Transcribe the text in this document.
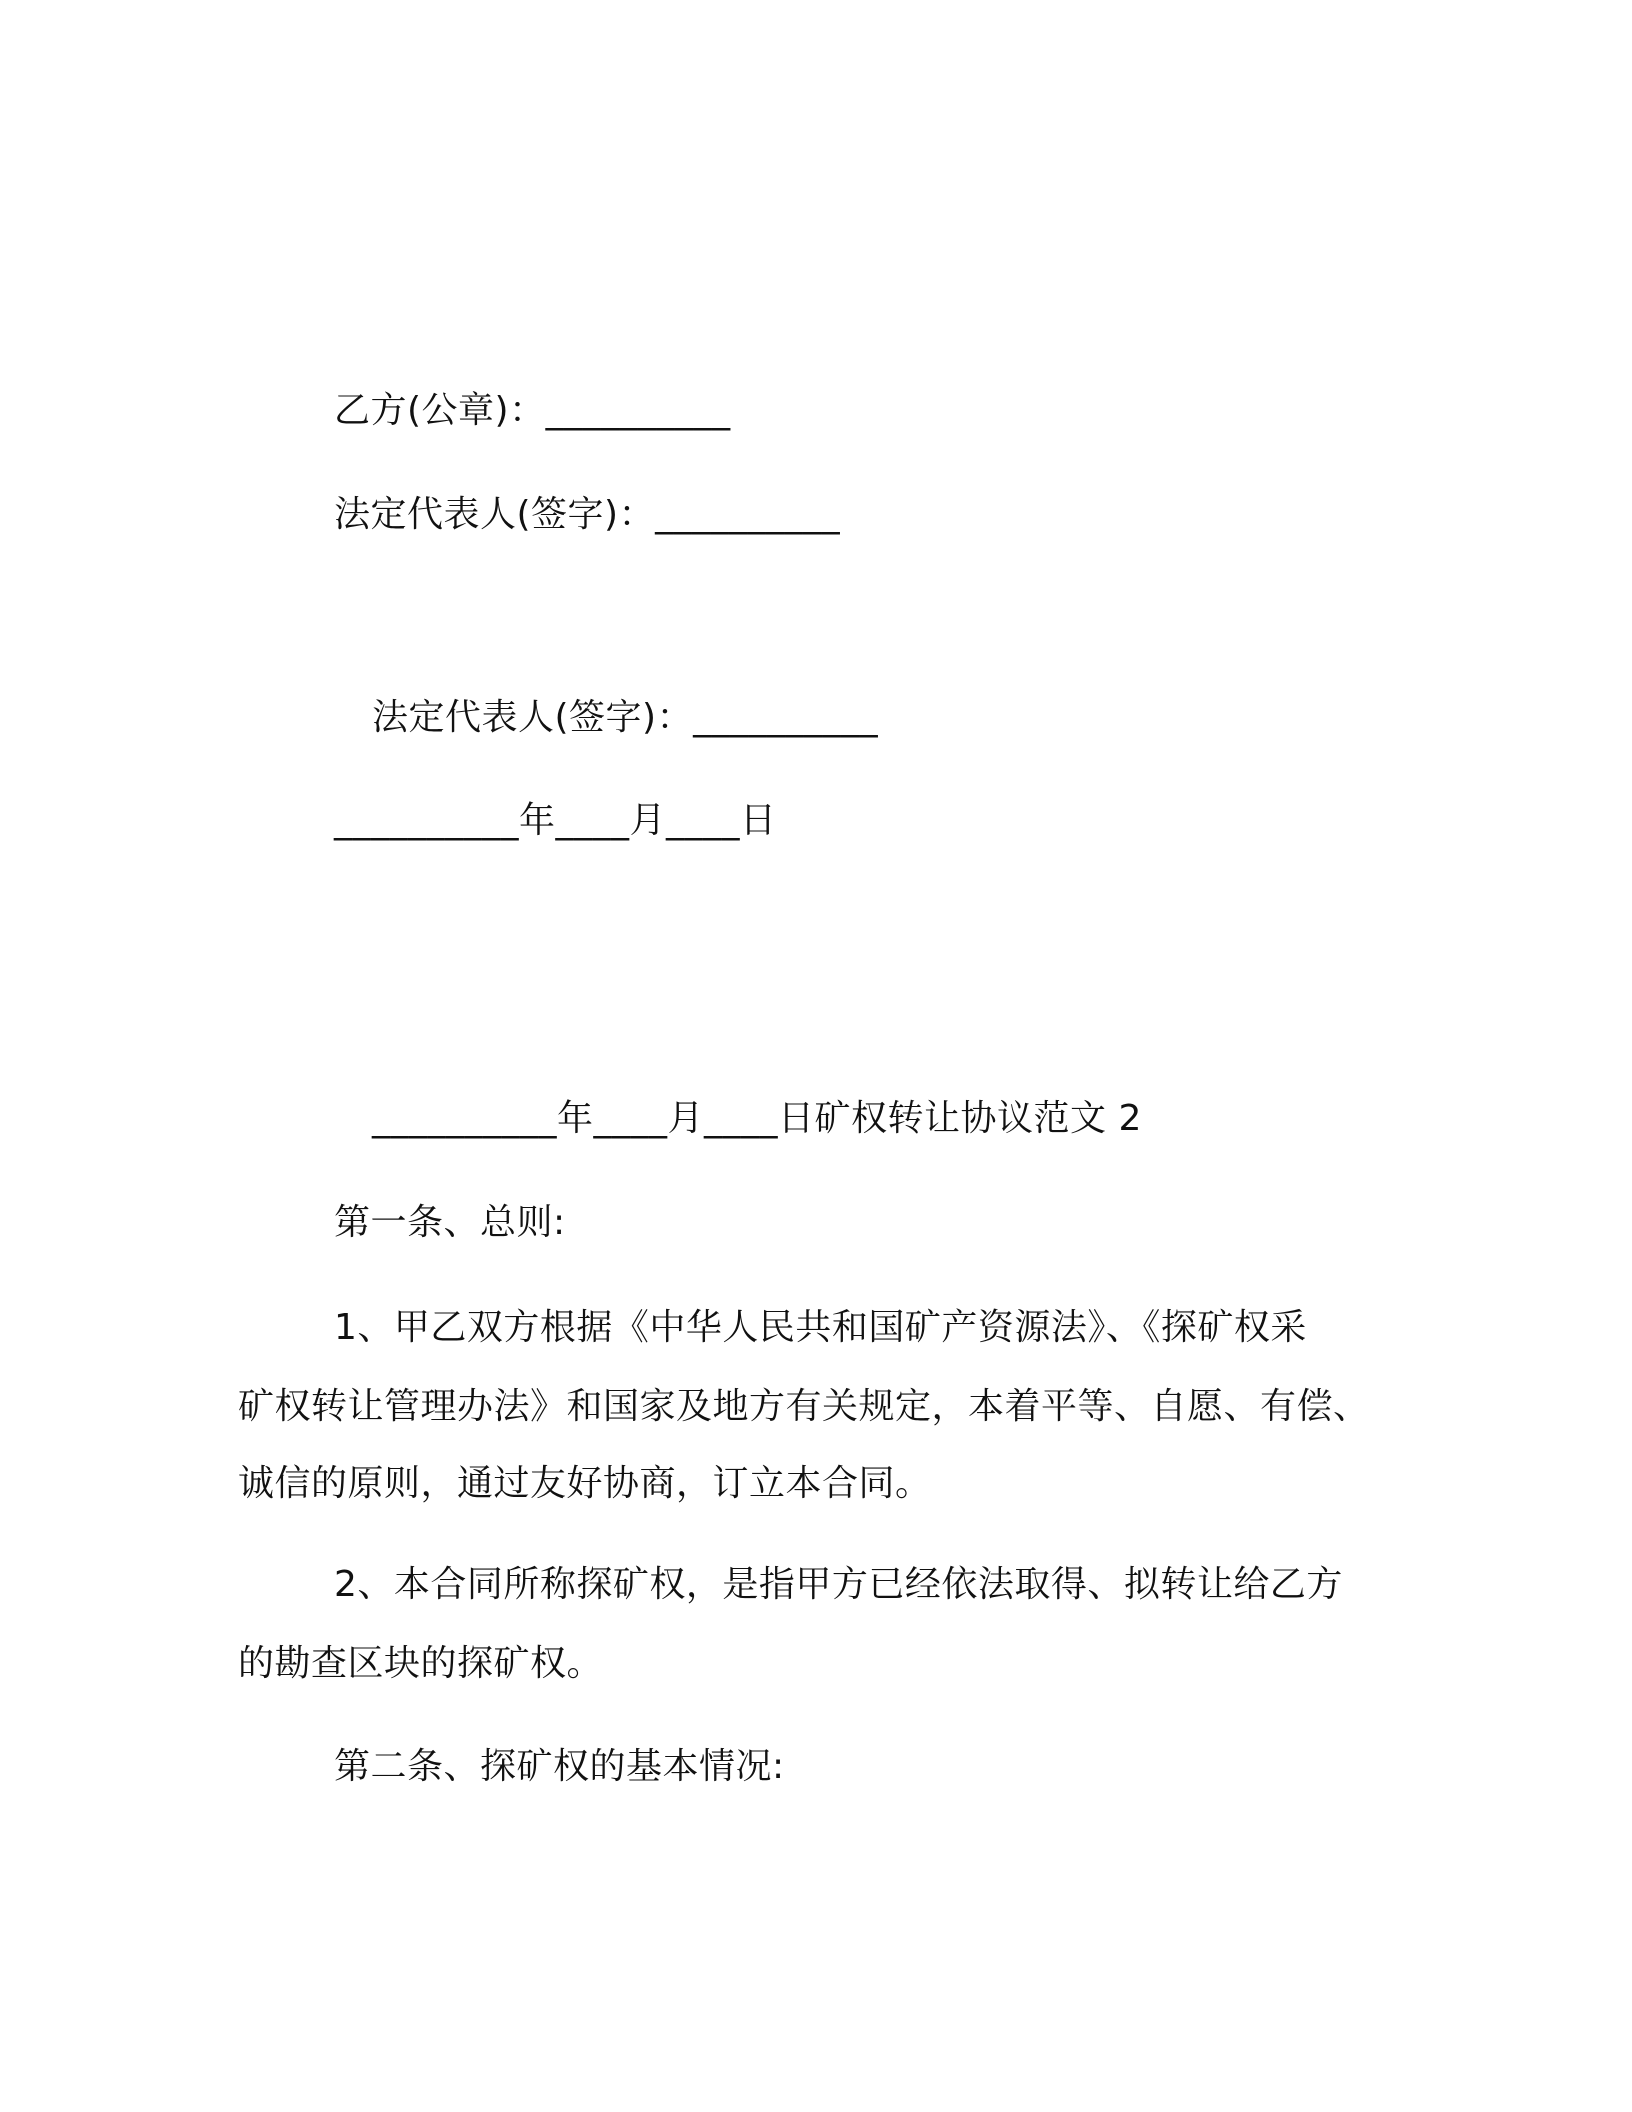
乙方(公章)：__________
法定代表人(签字)：__________
法定代表人(签字)：__________
__________年____月____日
__________年____月____日矿权转让协议范文 2
第一条、总则:
1、甲乙双方根据《中华人民共和国矿产资源法》、《探矿权采
矿权转让管理办法》和国家及地方有关规定，本着平等、自愿、有偿、
诚信的原则，通过友好协商，订立本合同。
2、本合同所称探矿权，是指甲方已经依法取得、拟转让给乙方
的勘查区块的探矿权。
第二条、探矿权的基本情况:
